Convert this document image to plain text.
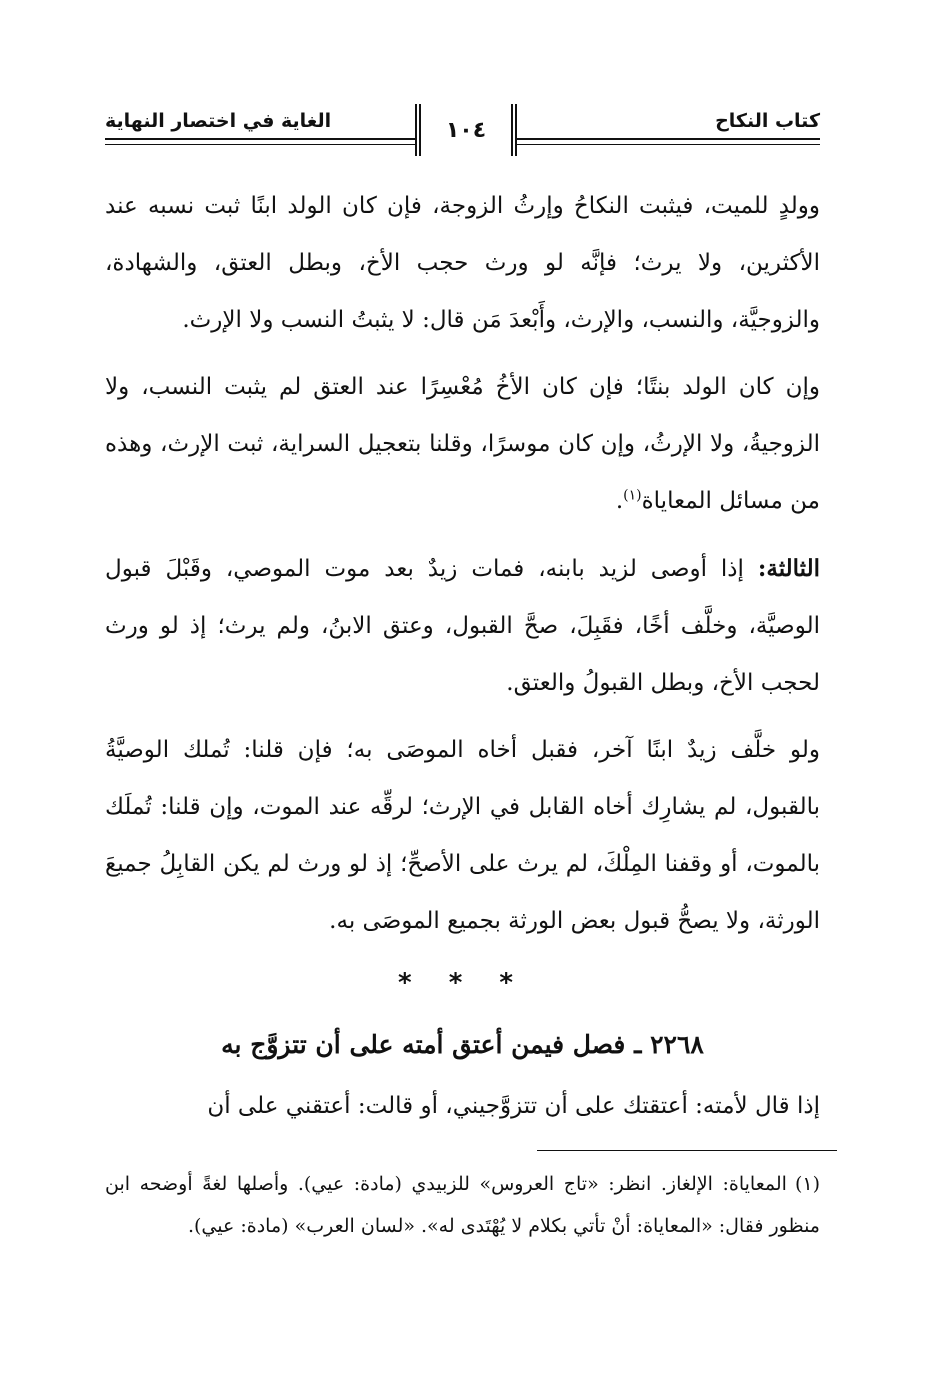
كتاب النكاح
الغاية في اختصار النهاية	١٠٤

وولدٍ للميت، فيثبت النكاحُ وإرثُ الزوجة، فإن كان الولد ابنًا ثبت نسبه عند الأكثرين، ولا يرث؛ فإنَّه لو ورث حجب الأخ، وبطل العتق، والشهادة، والزوجيَّة، والنسب، والإرث، وأَبْعدَ مَن قال: لا يثبتُ النسب ولا الإرث.

وإن كان الولد بنتًا؛ فإن كان الأخُ مُعْسِرًا عند العتق لم يثبت النسب، ولا الزوجيةُ، ولا الإرثُ، وإن كان موسرًا، وقلنا بتعجيل السراية، ثبت الإرث، وهذه من مسائل المعاياة$^{(١)}$.

الثالثة: إذا أوصى لزيد بابنه، فمات زيدٌ بعد موت الموصي، وقَبْلَ قبول الوصيَّة، وخلَّف أخًا، فقَبِلَ، صحَّ القبول، وعتق الابنُ، ولم يرث؛ إذ لو ورث لحجب الأخ، وبطل القبولُ والعتق.

ولو خلَّف زيدٌ ابنًا آخر، فقبل أخاه الموصَى به؛ فإن قلنا: تُملك الوصيَّةُ بالقبول، لم يشارِك أخاه القابل في الإرث؛ لرقِّه عند الموت، وإن قلنا: تُملَك بالموت، أو وقفنا المِلْكَ، لم يرث على الأصحِّ؛ إذ لو ورث لم يكن القابِلُ جميعَ الورثة، ولا يصحُّ قبول بعض الورثة بجميع الموصَى به.

* * *
٢٢٦٨ ـ فصل فيمن أعتق أمته على أن تتزوَّج به

إذا قال لأمته: أعتقتك على أن تتزوَّجيني، أو قالت: أعتقني على أن

(١)المعاياة: الإلغاز. انظر: «تاج العروس» للزبيدي (مادة: عيي). وأصلها لغةً أوضحه ابن منظور فقال: «المعاياة: أنْ تأتي بكلام لا يُهْتَدى له». «لسان العرب» (مادة: عيي).
